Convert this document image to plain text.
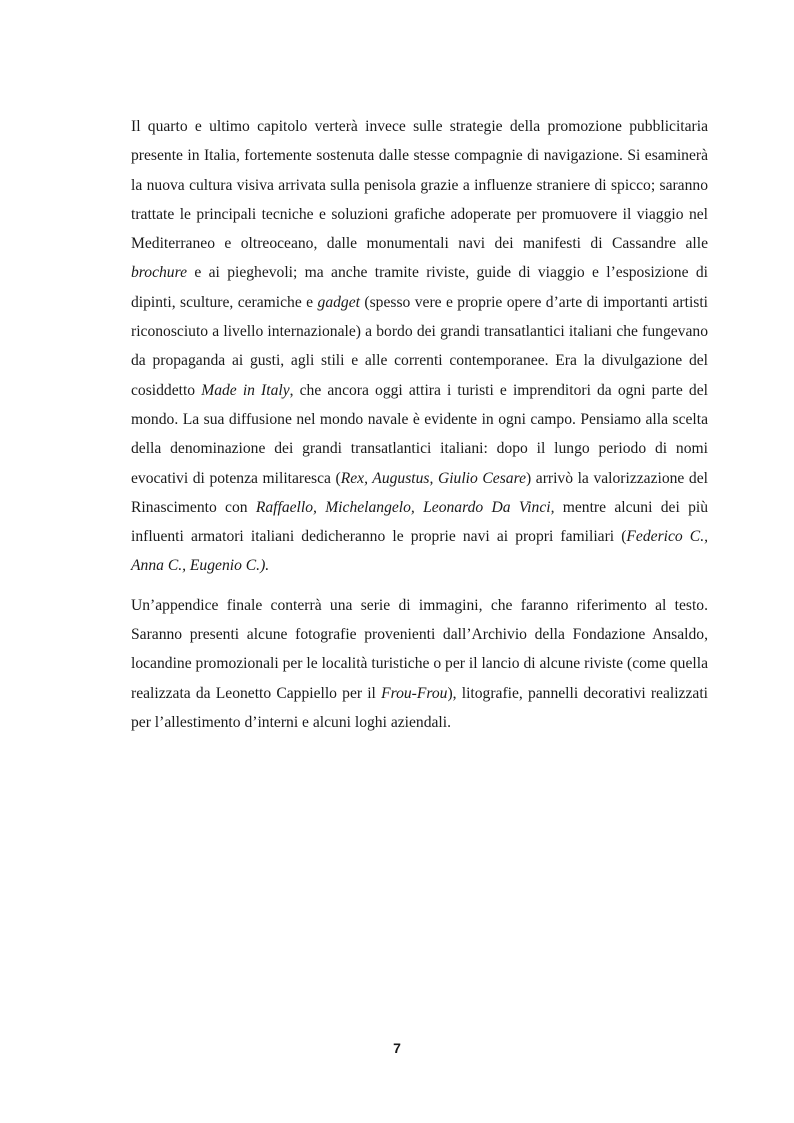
Il quarto e ultimo capitolo verterà invece sulle strategie della promozione pubblicitaria presente in Italia, fortemente sostenuta dalle stesse compagnie di navigazione. Si esaminerà la nuova cultura visiva arrivata sulla penisola grazie a influenze straniere di spicco; saranno trattate le principali tecniche e soluzioni grafiche adoperate per promuovere il viaggio nel Mediterraneo e oltreoceano, dalle monumentali navi dei manifesti di Cassandre alle brochure e ai pieghevoli; ma anche tramite riviste, guide di viaggio e l’esposizione di dipinti, sculture, ceramiche e gadget (spesso vere e proprie opere d’arte di importanti artisti riconosciuto a livello internazionale) a bordo dei grandi transatlantici italiani che fungevano da propaganda ai gusti, agli stili e alle correnti contemporanee. Era la divulgazione del cosiddetto Made in Italy, che ancora oggi attira i turisti e imprenditori da ogni parte del mondo. La sua diffusione nel mondo navale è evidente in ogni campo. Pensiamo alla scelta della denominazione dei grandi transatlantici italiani: dopo il lungo periodo di nomi evocativi di potenza militaresca (Rex, Augustus, Giulio Cesare) arrivò la valorizzazione del Rinascimento con Raffaello, Michelangelo, Leonardo Da Vinci, mentre alcuni dei più influenti armatori italiani dedicheranno le proprie navi ai propri familiari (Federico C., Anna C., Eugenio C.).

Un’appendice finale conterrà una serie di immagini, che faranno riferimento al testo. Saranno presenti alcune fotografie provenienti dall’Archivio della Fondazione Ansaldo, locandine promozionali per le località turistiche o per il lancio di alcune riviste (come quella realizzata da Leonetto Cappiello per il Frou-Frou), litografie, pannelli decorativi realizzati per l’allestimento d’interni e alcuni loghi aziendali.

7
